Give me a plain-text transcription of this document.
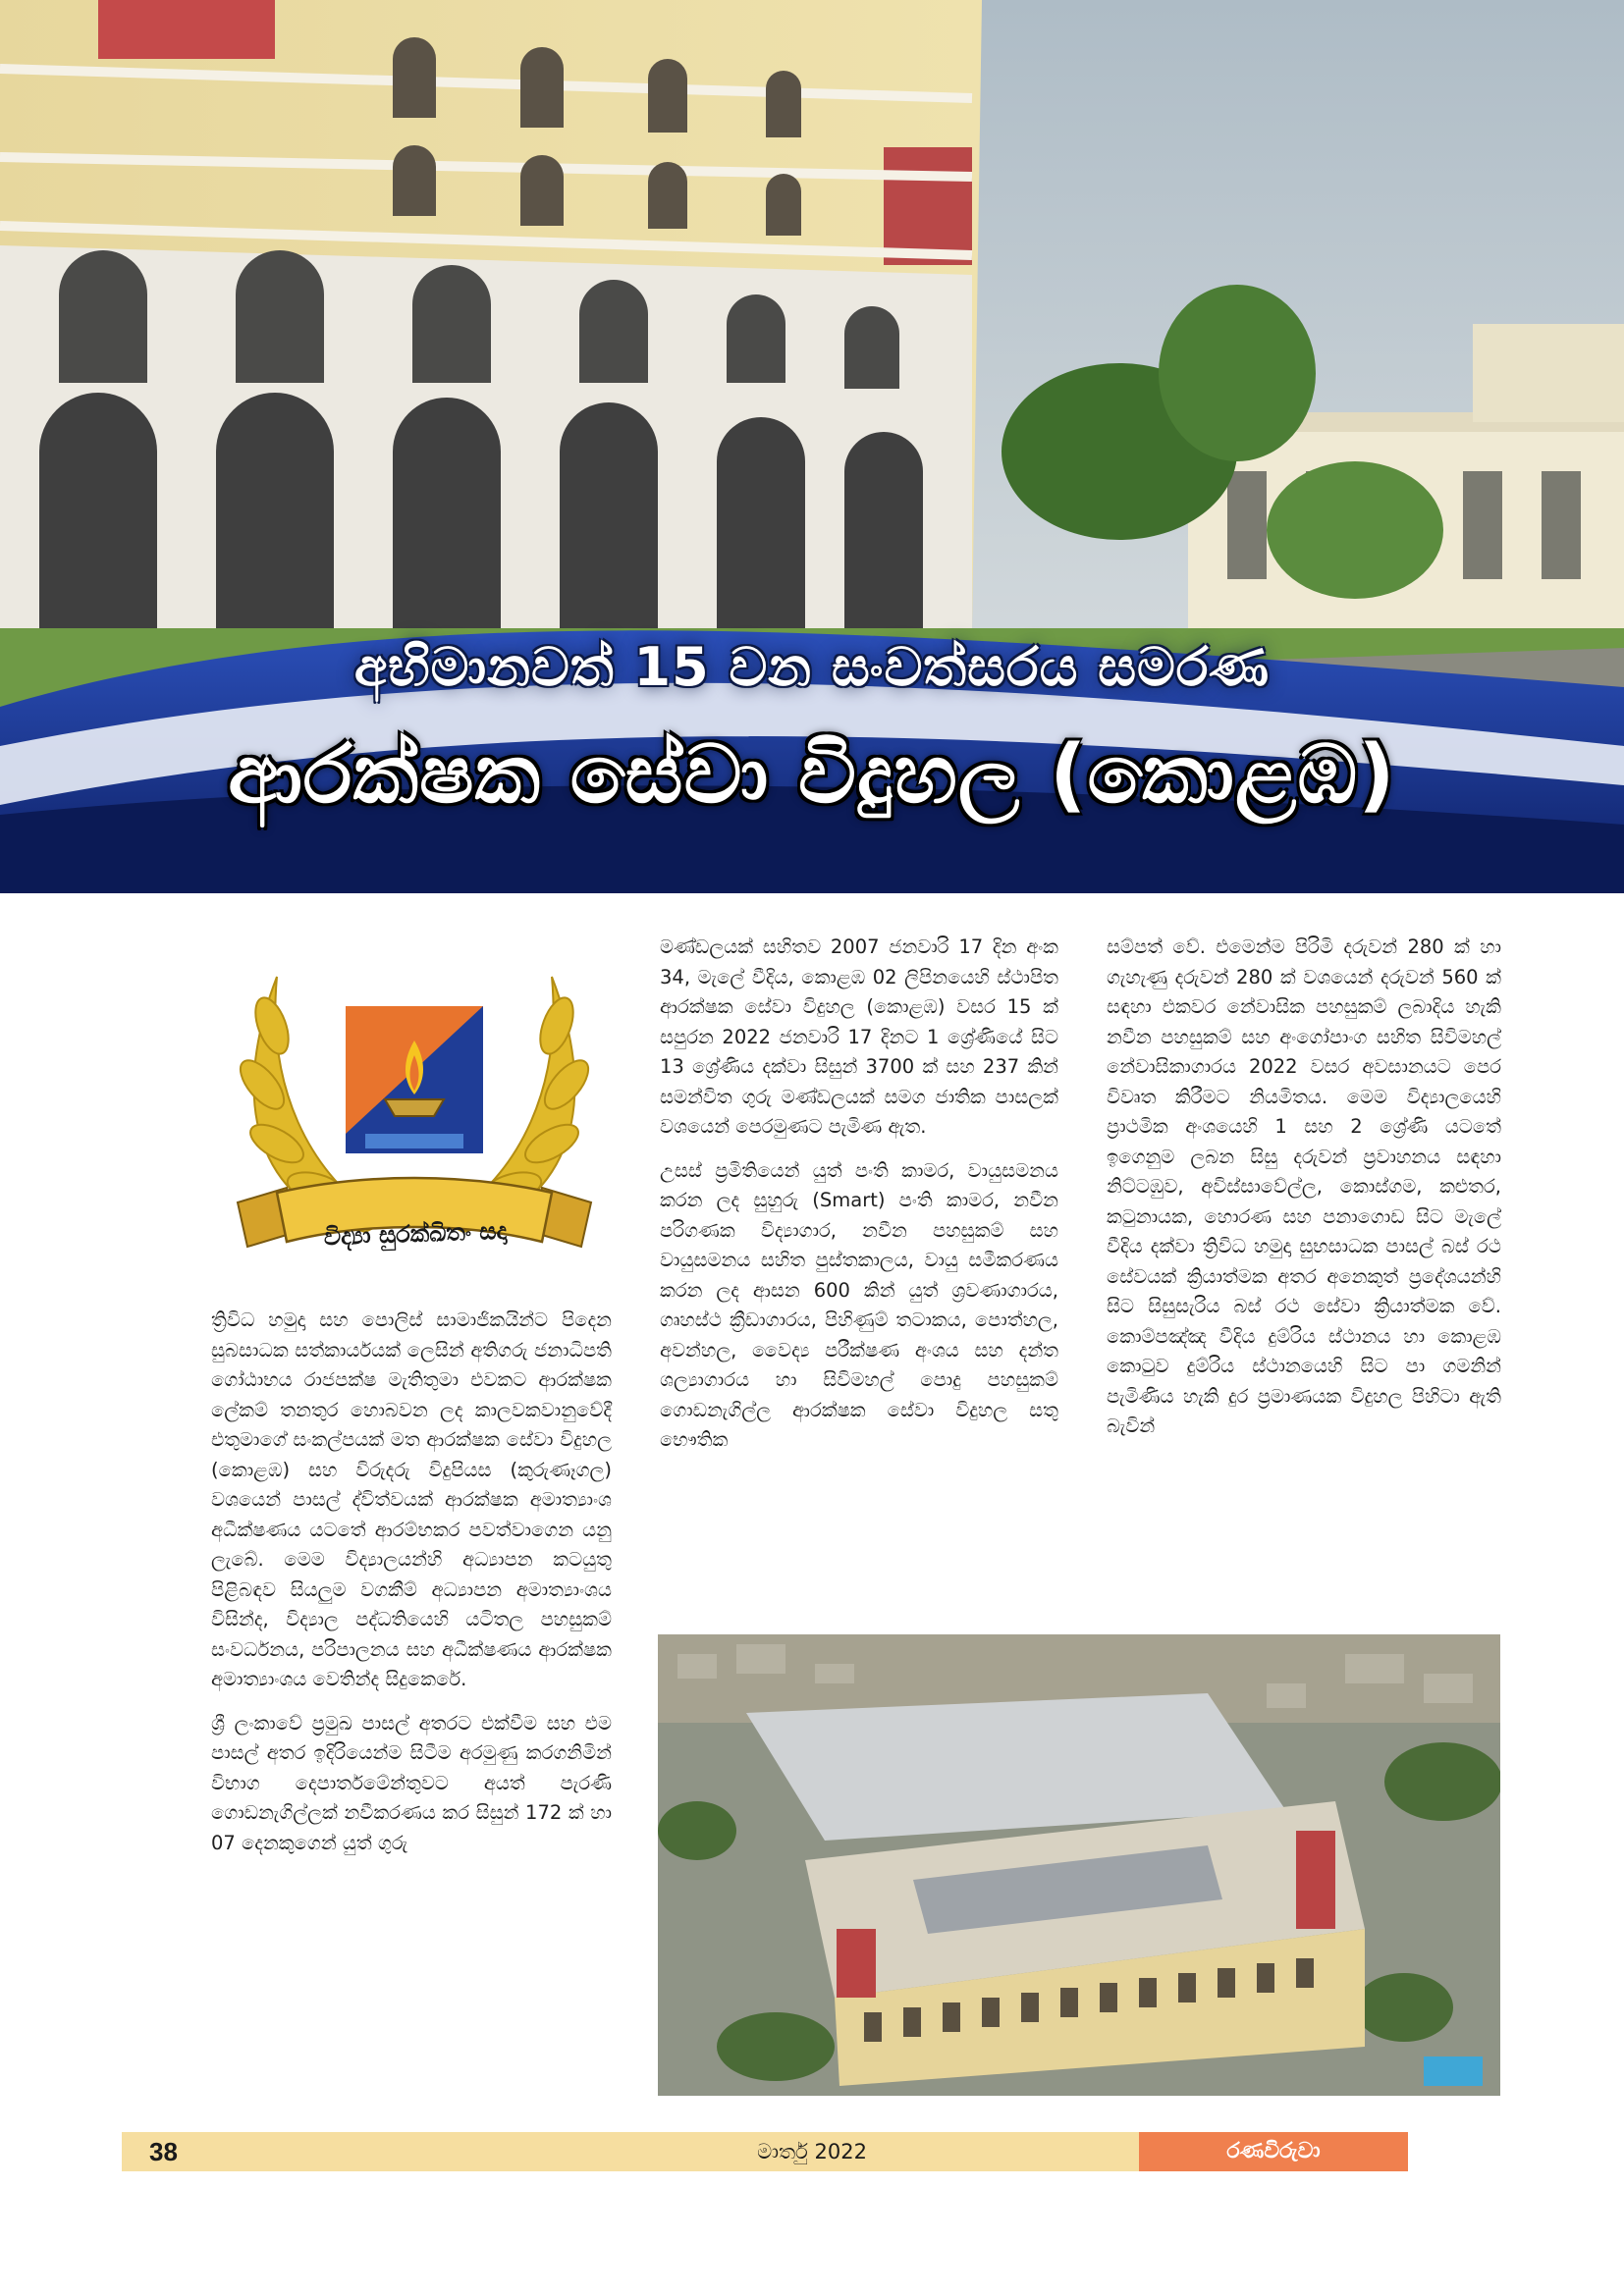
අභිමානවත් 15 වන සංවත්සරය සමරණ
ආරක්ෂක සේවා විදුහල (කොළඹ)
විද්‍යා සුරක්ඛිතං සදා

ත්‍රිවිධ හමුදා සහ පොලිස් සාමාජිකයින්ට පිදෙන සුබසාධක සත්කාර්යයක් ලෙසින් අතිගරු ජනාධිපති ගෝඨාභය රාජපක්ෂ මැතිතුමා එවකට ආරක්ෂක ලේකම් තනතුර හොබවන ලද කාලවකවානුවේදී එතුමාගේ සංකල්පයක් මත ආරක්ෂක සේවා විදුහල (කොළඹ) සහ විරුදරු විදුපියස (කුරුණෑගල) වශයෙන් පාසල් ද්විත්වයක් ආරක්ෂක අමාත්‍යාංශ අධීක්ෂණය යටතේ ආරම්භකර පවත්වාගෙන යනු ලැබේ. මෙම විද්‍යාලයන්හි අධ්‍යාපන කටයුතු පිළිබඳව සියලුම වගකීම් අධ්‍යාපන අමාත්‍යාංශය විසින්ද, විද්‍යාල පද්ධතියෙහි යටිතල පහසුකම් සංවර්ධනය, පරිපාලනය සහ අධීක්ෂණය ආරක්ෂක අමාත්‍යාංශය වෙතින්ද සිදුකෙරේ.

ශ්‍රී ලංකාවේ ප්‍රමුඛ පාසල් අතරට එක්වීම සහ එම පාසල් අතර ඉදිරියෙන්ම සිටීම අරමුණු කරගනිමින් විභාග දෙපාර්තමේන්තුවට අයත් පැරණි ගොඩනැගිල්ලක් නවීකරණය කර සිසුන් 172 ක් හා 07 දෙනකුගෙන් යුත් ගුරු

මණ්ඩලයක් සහිතව 2007 ජනවාරි 17 දින අංක 34, මැලේ වීදිය, කොළඹ 02 ලිපිනයෙහි ස්ථාපිත ආරක්ෂක සේවා විදුහල (කොළඹ) වසර 15 ක් සපුරන 2022 ජනවාරි 17 දිනට 1 ශ්‍රේණියේ සිට 13 ශ්‍රේණිය දක්වා සිසුන් 3700 ක් සහ 237 කින් සමන්විත ගුරු මණ්ඩලයක් සමග ජාතික පාසලක් වශයෙන් පෙරමුණට පැමිණ ඇත.

උසස් ප්‍රමිතියෙන් යුත් පංති කාමර, වායුසමනය කරන ලද සුහුරු (Smart) පංති කාමර, නවීන පරිගණක විද්‍යාගාර, නවීන පහසුකම් සහ වායුසමනය සහිත පුස්තකාලය, වායු සමීකරණය කරන ලද ආසන 600 කින් යුත් ශ්‍රවණාගාරය, ගෘහස්ථ ක්‍රීඩාගාරය, පිහිණුම් තටාකය, පොත්හල, අවන්හල, වෛද්‍ය පරීක්ෂණ අංශය සහ දන්ත ශල්‍යාගාරය හා සිවිමහල් පොදු පහසුකම් ගොඩනැගිල්ල ආරක්ෂක සේවා විදුහල සතු භෞතික

සම්පත් වේ. එමෙන්ම පිරිමි දරුවන් 280 ක් හා ගැහැණු දරුවන් 280 ක් වශයෙන් දරුවන් 560 ක් සඳහා එකවර නේවාසික පහසුකම් ලබාදිය හැකි නවීන පහසුකම් සහ අංගෝපාංග සහිත සිවිමහල් නේවාසිකාගාරය 2022 වසර අවසානයට පෙර විවෘත කිරීමට නියමිතය. මෙම විද්‍යාලයෙහි ප්‍රාථමික අංශයෙහි 1 සහ 2 ශ්‍රේණි යටතේ ඉගෙනුම ලබන සිසු දරුවන් ප්‍රවාහනය සඳහා නිට්ටඹුව, අවිස්සාවේල්ල, කොස්ගම, කළුතර, කටුනායක, හොරණ සහ පනාගොඩ සිට මැලේ වීදිය දක්වා ත්‍රිවිධ හමුදා සුභසාධක පාසල් බස් රථ සේවයක් ක්‍රියාත්මක අතර අනෙකුත් ප්‍රදේශයන්හි සිට සිසුසැරිය බස් රථ සේවා ක්‍රියාත්මක වේ. කොම්පඤ්ඤ වීදිය දුම්රිය ස්ථානය හා කොළඹ කොටුව දුම්රිය ස්ථානයෙහි සිට පා ගමනින් පැමිණිය හැකි දුර ප්‍රමාණයක විදුහල පිහිටා ඇති බැවින්

38	මාර්තු 2022	රණවිරුවා
